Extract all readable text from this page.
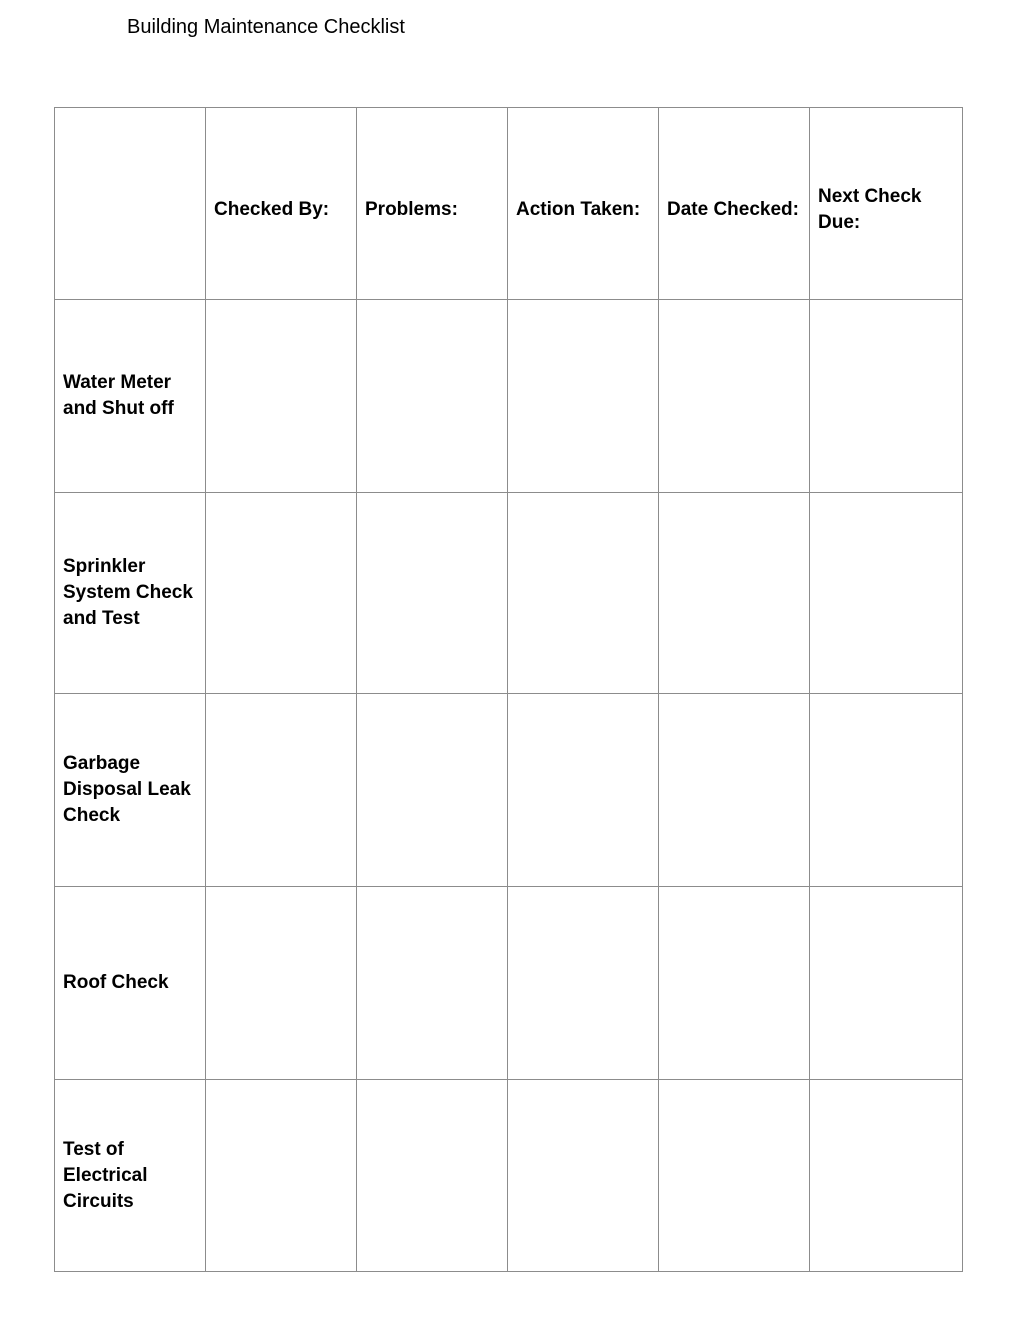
Building Maintenance Checklist

	Checked By:	Problems:	Action Taken:	Date Checked:	Next Check Due:

Water Meter and Shut off					
Sprinkler System Check and Test					
Garbage Disposal Leak Check					
Roof Check					
Test of Electrical Circuits					
